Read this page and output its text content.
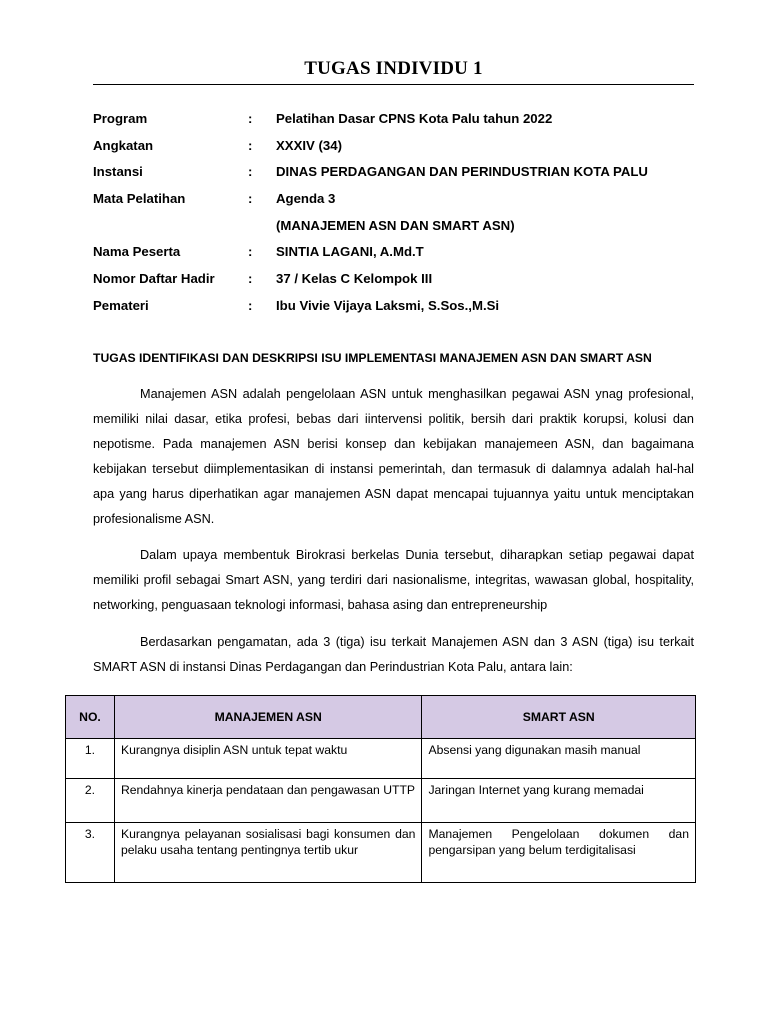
TUGAS INDIVIDU 1
Program	: Pelatihan Dasar CPNS Kota Palu tahun 2022
Angkatan	: XXXIV (34)
Instansi	: DINAS PERDAGANGAN DAN PERINDUSTRIAN KOTA PALU
Mata Pelatihan	: Agenda 3
(MANAJEMEN ASN DAN SMART ASN)
Nama Peserta	: SINTIA LAGANI, A.Md.T
Nomor Daftar Hadir	: 37 / Kelas C Kelompok III
Pemateri	: Ibu Vivie Vijaya Laksmi, S.Sos.,M.Si
TUGAS IDENTIFIKASI DAN DESKRIPSI ISU IMPLEMENTASI MANAJEMEN ASN DAN SMART ASN

Manajemen ASN adalah pengelolaan ASN untuk menghasilkan pegawai ASN ynag profesional, memiliki nilai dasar, etika profesi, bebas dari iintervensi politik, bersih dari praktik korupsi, kolusi dan nepotisme. Pada manajemen ASN berisi konsep dan kebijakan manajemeen ASN, dan bagaimana kebijakan tersebut diimplementasikan di instansi pemerintah, dan termasuk di dalamnya adalah hal-hal apa yang harus diperhatikan agar manajemen ASN dapat mencapai tujuannya yaitu untuk menciptakan profesionalisme ASN.

Dalam upaya membentuk Birokrasi berkelas Dunia tersebut, diharapkan setiap pegawai dapat memiliki profil sebagai Smart ASN, yang terdiri dari nasionalisme, integritas, wawasan global, hospitality, networking, penguasaan teknologi informasi, bahasa asing dan entrepreneurship

Berdasarkan pengamatan, ada 3 (tiga) isu terkait Manajemen ASN dan 3 ASN (tiga) isu terkait SMART ASN di instansi Dinas Perdagangan dan Perindustrian Kota Palu, antara lain:

NO.	MANAJEMEN ASN	SMART ASN
1.	Kurangnya disiplin ASN untuk tepat waktu	Absensi yang digunakan masih manual
2.	Rendahnya kinerja pendataan dan pengawasan UTTP	Jaringan Internet yang kurang memadai
3.	Kurangnya pelayanan sosialisasi bagi konsumen dan pelaku usaha tentang pentingnya tertib ukur	Manajemen Pengelolaan dokumen dan pengarsipan yang belum terdigitalisasi
